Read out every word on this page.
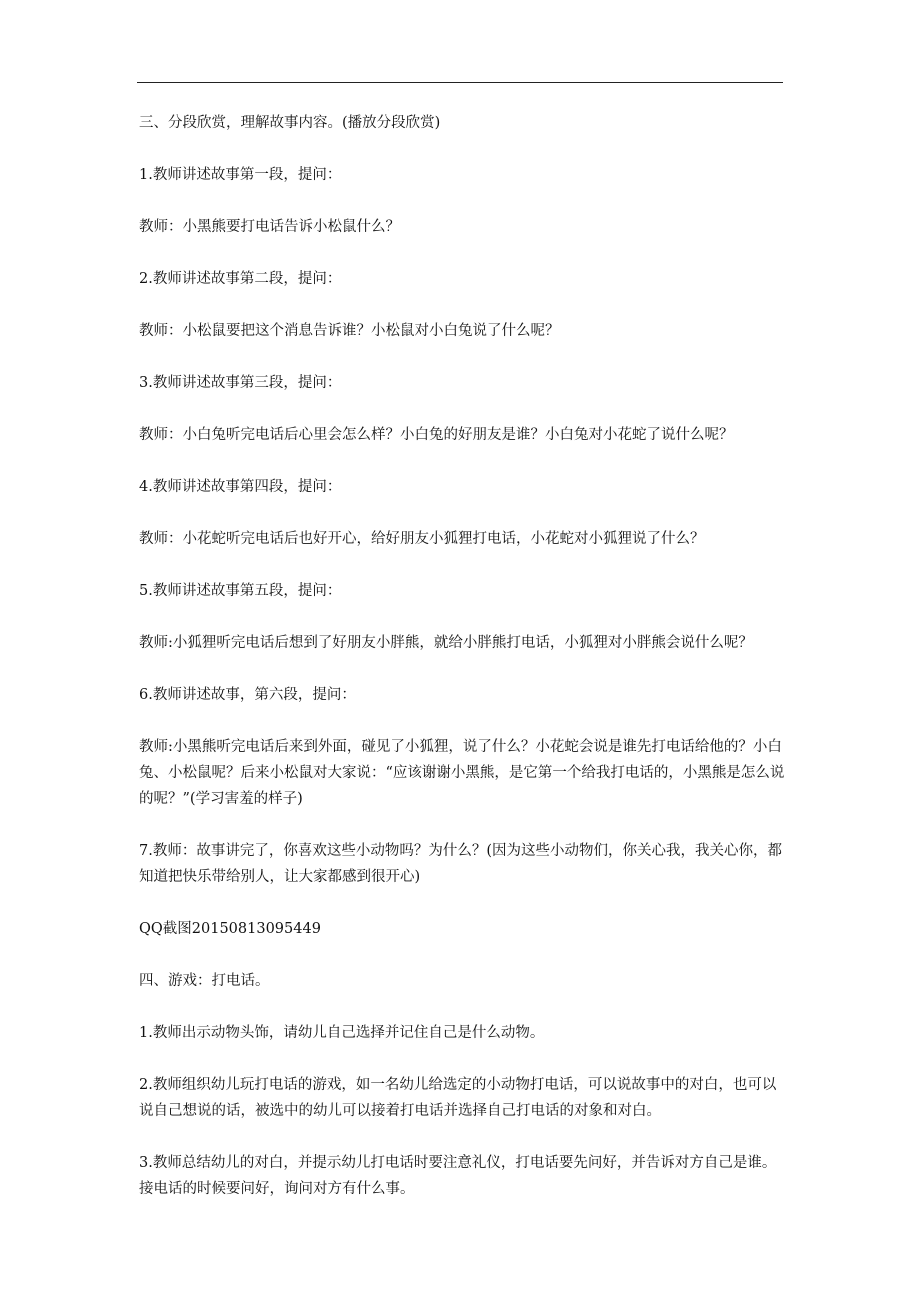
三、分段欣赏，理解故事内容。(播放分段欣赏)

1.教师讲述故事第一段，提问：

教师：小黑熊要打电话告诉小松鼠什么？

2.教师讲述故事第二段，提问：

教师：小松鼠要把这个消息告诉谁？小松鼠对小白兔说了什么呢？

3.教师讲述故事第三段，提问：

教师：小白兔听完电话后心里会怎么样？小白兔的好朋友是谁？小白兔对小花蛇了说什么呢？

4.教师讲述故事第四段，提问：

教师：小花蛇听完电话后也好开心，给好朋友小狐狸打电话，小花蛇对小狐狸说了什么？

5.教师讲述故事第五段，提问：

教师:小狐狸听完电话后想到了好朋友小胖熊，就给小胖熊打电话，小狐狸对小胖熊会说什么呢？

6.教师讲述故事，第六段，提问：

教师:小黑熊听完电话后来到外面，碰见了小狐狸，说了什么？小花蛇会说是谁先打电话给他的？小白兔、小松鼠呢？后来小松鼠对大家说：“应该谢谢小黑熊，是它第一个给我打电话的，小黑熊是怎么说的呢？”(学习害羞的样子)

7.教师：故事讲完了，你喜欢这些小动物吗？为什么？(因为这些小动物们，你关心我，我关心你，都知道把快乐带给别人，让大家都感到很开心)

QQ截图20150813095449

四、游戏：打电话。

1.教师出示动物头饰，请幼儿自己选择并记住自己是什么动物。

2.教师组织幼儿玩打电话的游戏，如一名幼儿给选定的小动物打电话，可以说故事中的对白，也可以说自己想说的话，被选中的幼儿可以接着打电话并选择自己打电话的对象和对白。

3.教师总结幼儿的对白，并提示幼儿打电话时要注意礼仪，打电话要先问好，并告诉对方自己是谁。接电话的时候要问好，询问对方有什么事。
